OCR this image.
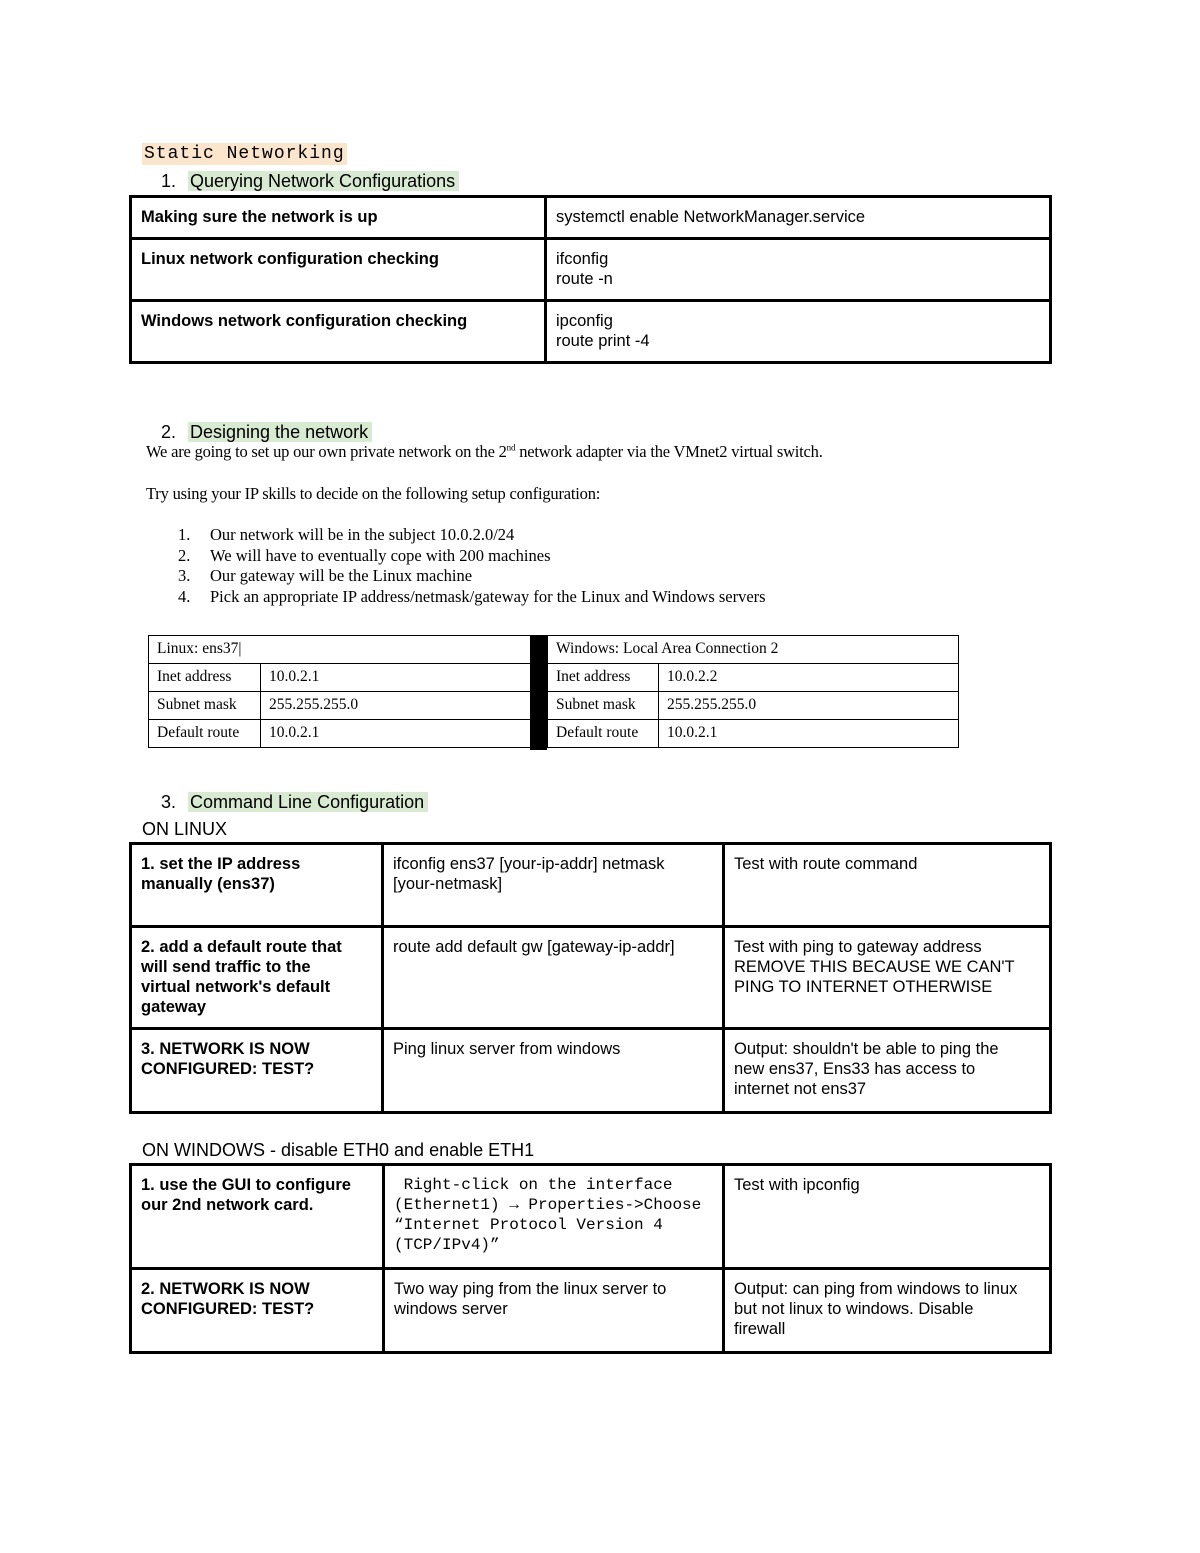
Static Networking
1. Querying Network Configurations
Making sure the network is up	systemctl enable NetworkManager.service

Linux network configuration checking	ifconfig
route -n

Windows network configuration checking	ipconfig
route print -4
2. Designing the network
We are going to set up our own private network on the 2nd network adapter via the VMnet2 virtual switch.
Try using your IP skills to decide on the following setup configuration:
1. Our network will be in the subject 10.0.2.0/24
2. We will have to eventually cope with 200 machines
3. Our gateway will be the Linux machine
4. Pick an appropriate IP address/netmask/gateway for the Linux and Windows servers
Linux: ens37|	
Inet address	10.0.2.1
Subnet mask	255.255.255.0
Default route	10.0.2.1
Windows: Local Area Connection 2	
Inet address	10.0.2.2
Subnet mask	255.255.255.0
Default route	10.0.2.1
3. Command Line Configuration
ON LINUX
1. set the IP address
manually (ens37)	ifconfig ens37 [your-ip-addr] netmask
[your-netmask]	Test with route command

2. add a default route that
will send traffic to the
virtual network's default
gateway	route add default gw [gateway-ip-addr]	Test with ping to gateway address
REMOVE THIS BECAUSE WE CAN'T
PING TO INTERNET OTHERWISE

3. NETWORK IS NOW
CONFIGURED: TEST?	Ping linux server from windows	Output: shouldn't be able to ping the
new ens37, Ens33 has access to
internet not ens37
ON WINDOWS - disable ETH0 and enable ETH1
1. use the GUI to configure
our 2nd network card.	Right-click on the interface
(Ethernet1) → Properties->Choose
“Internet Protocol Version 4
(TCP/IPv4)”	Test with ipconfig

2. NETWORK IS NOW
CONFIGURED: TEST?	Two way ping from the linux server to
windows server	Output: can ping from windows to linux
but not linux to windows. Disable
firewall
